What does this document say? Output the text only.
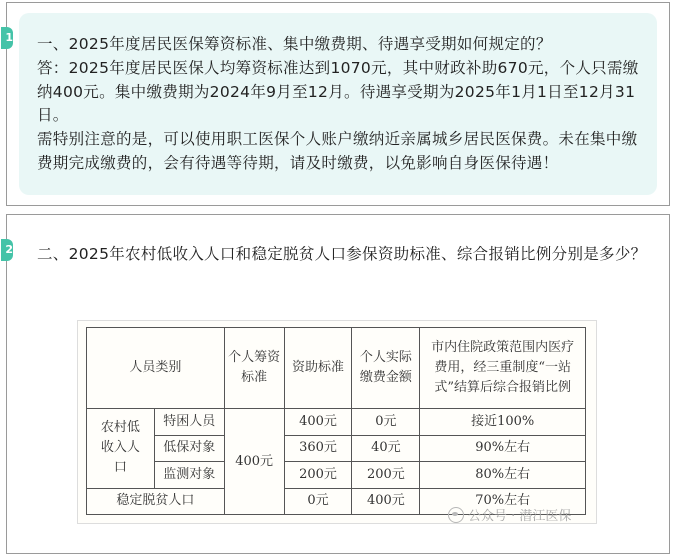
1 一、2025年度居民医保筹资标准、集中缴费期、待遇享受期如何规定的？

答：2025年度居民医保人均筹资标准达到1070元，其中财政补助670元，个人只需缴纳400元。集中缴费期为2024年9月至12月。待遇享受期为2025年1月1日至12月31日。

需特别注意的是，可以使用职工医保个人账户缴纳近亲属城乡居民医保费。未在集中缴费期完成缴费的，会有待遇等待期，请及时缴费，以免影响自身医保待遇！

2 二、2025年农村低收入人口和稳定脱贫人口参保资助标准、综合报销比例分别是多少？

人员类别		个人筹资标准	资助标准	个人实际缴费金额	市内住院政策范围内医疗费用，经三重制度“一站式”结算后综合报销比例
农村低收入人口	特困人员	400元	400元	0元	接近100%
	低保对象		360元	40元	90%左右
	监测对象		200元	200元	80%左右
稳定脱贫人口			0元	400元	70%左右
公众号 · 潜江医保
